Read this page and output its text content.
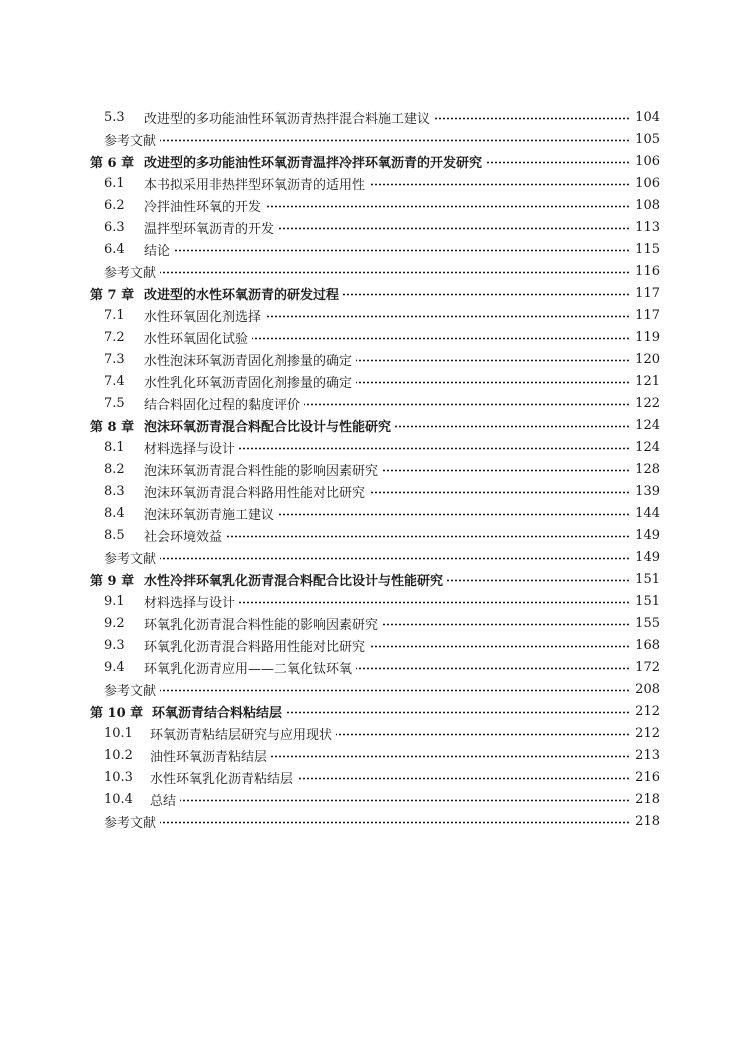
5.3	改进型的多功能油性环氧沥青热拌混合料施工建议	104
参考文献	105
第 6 章 改进型的多功能油性环氧沥青温拌冷拌环氧沥青的开发研究	106
6.1	本书拟采用非热拌型环氧沥青的适用性	106
6.2	冷拌油性环氧的开发	108
6.3	温拌型环氧沥青的开发	113
6.4	结论	115
参考文献	116
第 7 章 改进型的水性环氧沥青的研发过程	117
7.1	水性环氧固化剂选择	117
7.2	水性环氧固化试验	119
7.3	水性泡沫环氧沥青固化剂掺量的确定	120
7.4	水性乳化环氧沥青固化剂掺量的确定	121
7.5	结合料固化过程的黏度评价	122
第 8 章 泡沫环氧沥青混合料配合比设计与性能研究	124
8.1	材料选择与设计	124
8.2	泡沫环氧沥青混合料性能的影响因素研究	128
8.3	泡沫环氧沥青混合料路用性能对比研究	139
8.4	泡沫环氧沥青施工建议	144
8.5	社会环境效益	149
参考文献	149
第 9 章 水性冷拌环氧乳化沥青混合料配合比设计与性能研究	151
9.1	材料选择与设计	151
9.2	环氧乳化沥青混合料性能的影响因素研究	155
9.3	环氧乳化沥青混合料路用性能对比研究	168
9.4	环氧乳化沥青应用——二氧化钛环氧	172
参考文献	208
第 10 章 环氧沥青结合料粘结层	212
10.1	环氧沥青粘结层研究与应用现状	212
10.2	油性环氧沥青粘结层	213
10.3	水性环氧乳化沥青粘结层	216
10.4	总结	218
参考文献	218
